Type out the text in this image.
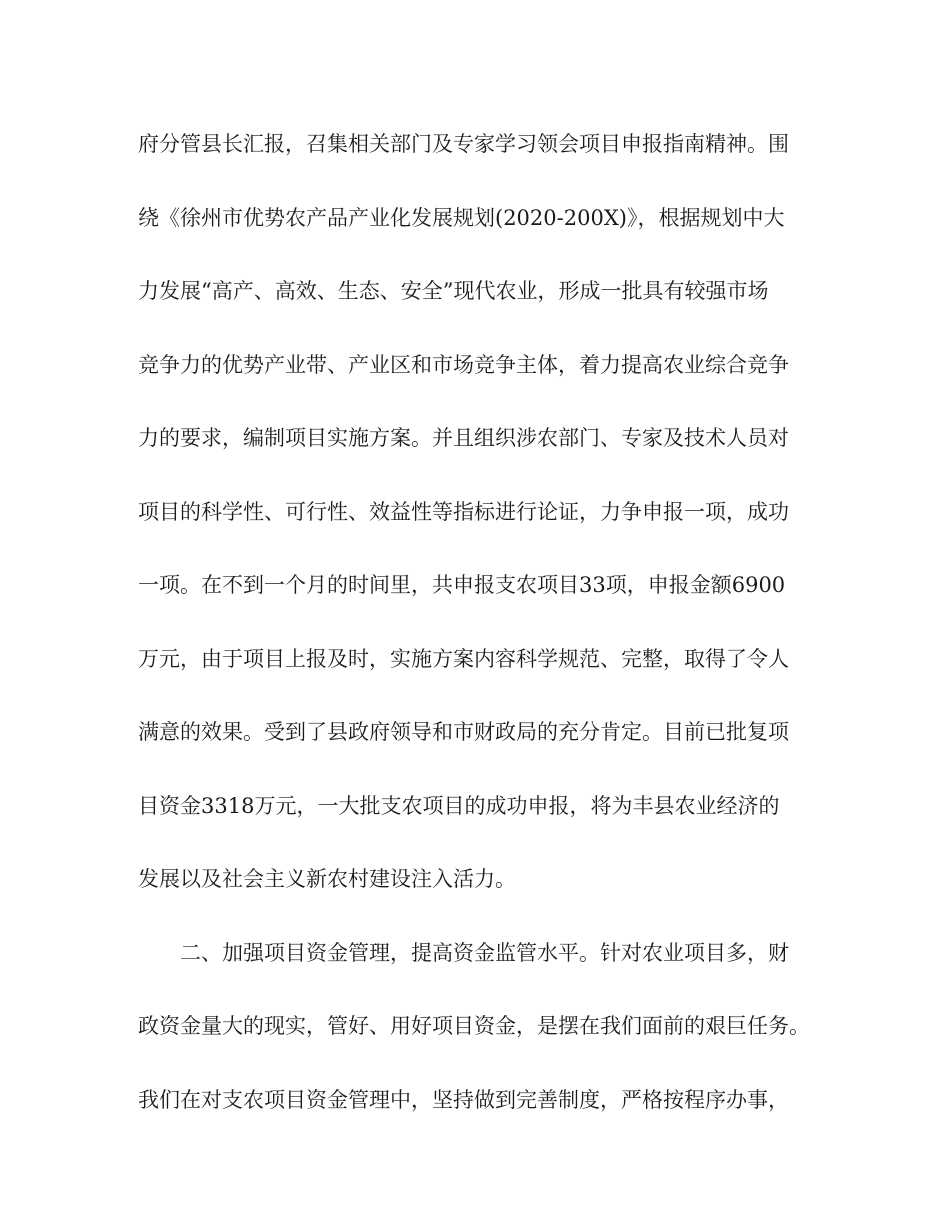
府分管县长汇报，召集相关部门及专家学习领会项目申报指南精神。围
绕《徐州市优势农产品产业化发展规划(2020-200X)》，根据规划中大
力发展“高产、高效、生态、安全”现代农业，形成一批具有较强市场
竞争力的优势产业带、产业区和市场竞争主体，着力提高农业综合竞争
力的要求，编制项目实施方案。并且组织涉农部门、专家及技术人员对
项目的科学性、可行性、效益性等指标进行论证，力争申报一项，成功
一项。在不到一个月的时间里，共申报支农项目33项，申报金额6900
万元，由于项目上报及时，实施方案内容科学规范、完整，取得了令人
满意的效果。受到了县政府领导和市财政局的充分肯定。目前已批复项
目资金3318万元，一大批支农项目的成功申报，将为丰县农业经济的
发展以及社会主义新农村建设注入活力。
二、加强项目资金管理，提高资金监管水平。针对农业项目多，财
政资金量大的现实，管好、用好项目资金，是摆在我们面前的艰巨任务。
我们在对支农项目资金管理中，坚持做到完善制度，严格按程序办事，
